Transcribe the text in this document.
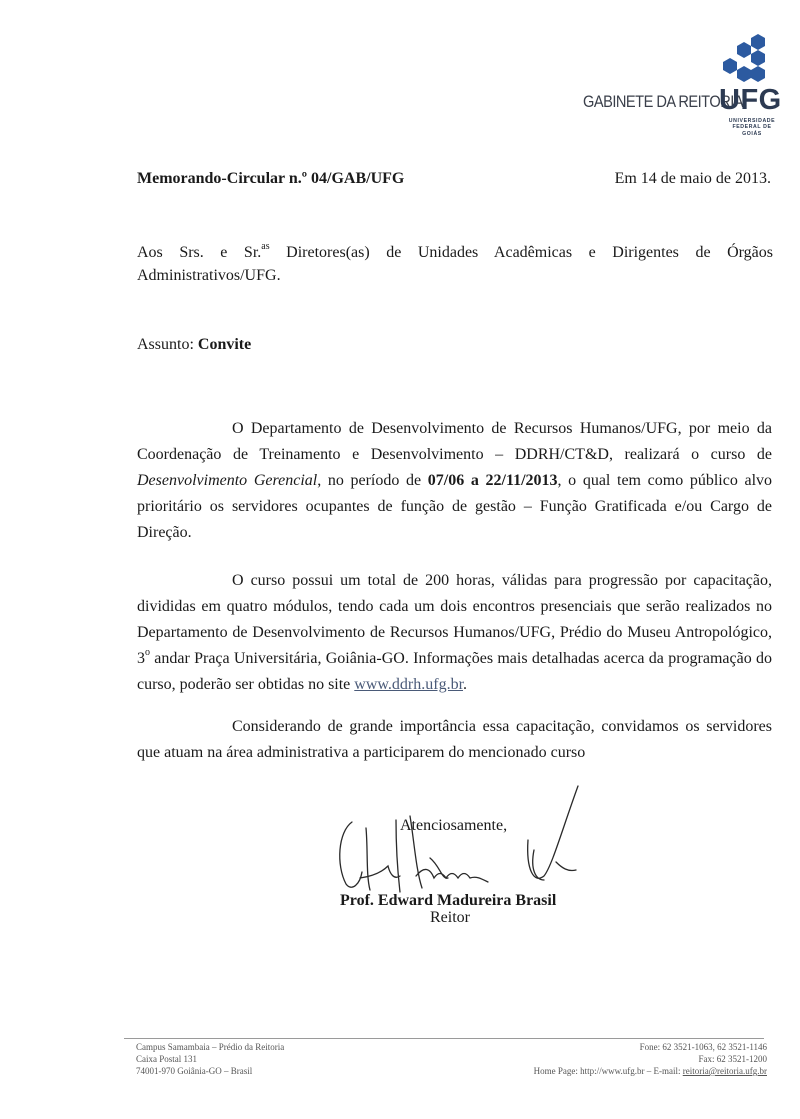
GABINETE DA REITORIA
UFG
UNIVERSIDADE
FEDERAL DE GOIÁS
Memorando-Circular n.º 04/GAB/UFG	Em 14 de maio de 2013.
Aos Srs. e Sr.$^{as}$ Diretores(as) de Unidades Acadêmicas e Dirigentes de Órgãos Administrativos/UFG.
Assunto: Convite
O Departamento de Desenvolvimento de Recursos Humanos/UFG, por meio da Coordenação de Treinamento e Desenvolvimento – DDRH/CT&D, realizará o curso de Desenvolvimento Gerencial, no período de 07/06 a 22/11/2013, o qual tem como público alvo prioritário os servidores ocupantes de função de gestão – Função Gratificada e/ou Cargo de Direção.
O curso possui um total de 200 horas, válidas para progressão por capacitação, divididas em quatro módulos, tendo cada um dois encontros presenciais que serão realizados no Departamento de Desenvolvimento de Recursos Humanos/UFG, Prédio do Museu Antropológico, 3$^o$ andar Praça Universitária, Goiânia-GO. Informações mais detalhadas acerca da programação do curso, poderão ser obtidas no site www.ddrh.ufg.br.
Considerando de grande importância essa capacitação, convidamos os servidores que atuam na área administrativa a participarem do mencionado curso
Atenciosamente,
Prof. Edward Madureira Brasil
Reitor
Campus Samambaia – Prédio da Reitoria
Caixa Postal 131
74001-970 Goiânia-GO – Brasil
Fone: 62 3521-1063, 62 3521-1146
Fax: 62 3521-1200
Home Page: http://www.ufg.br – E-mail: reitoria@reitoria.ufg.br
